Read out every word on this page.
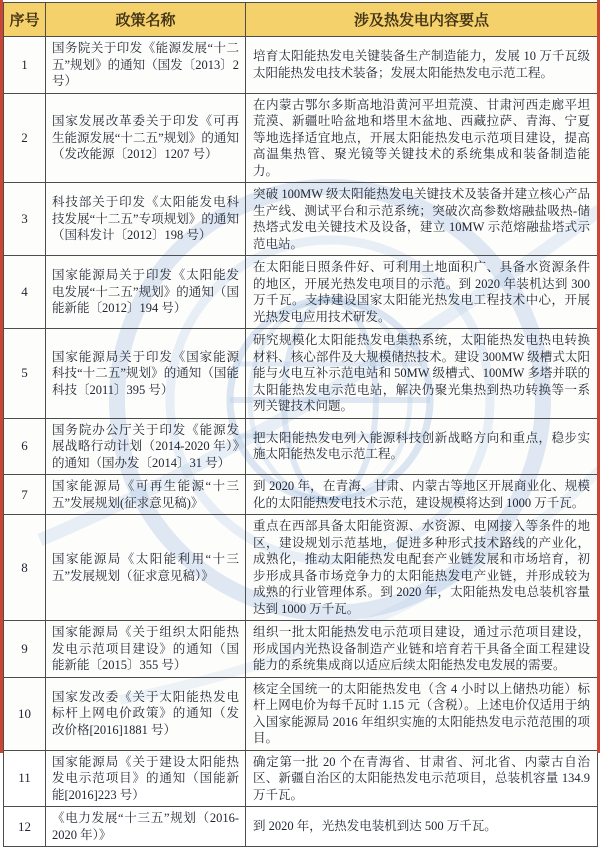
序号	政策名称	涉及热发电内容要点
1	国务院关于印发《能源发展“十二五”规划》的通知（国发〔2013〕2 号）	培育太阳能热发电关键装备生产制造能力，发展 10 万千瓦级太阳能热发电技术装备；发展太阳能热发电示范工程。
2	国家发展改革委关于印发《可再生能源发展“十二五”规划》的通知（发改能源〔2012〕1207 号）	在内蒙古鄂尔多斯高地沿黄河平坦荒漠、甘肃河西走廊平坦荒漠、新疆吐哈盆地和塔里木盆地、西藏拉萨、青海、宁夏等地选择适宜地点，开展太阳能热发电示范项目建设，提高高温集热管、聚光镜等关键技术的系统集成和装备制造能力。
3	科技部关于印发《太阳能发电科技发展“十二五”专项规划》的通知（国科发计〔2012〕198 号）	突破 100MW 级太阳能热发电关键技术及装备并建立核心产品生产线、测试平台和示范系统；突破次高参数熔融盐吸热-储热塔式发电关键技术及设备，建立 10MW 示范熔融盐塔式示范电站。
4	国家能源局关于印发《太阳能发电发展“十二五”规划》的通知（国能新能〔2012〕194 号）	在太阳能日照条件好、可利用土地面积广、具备水资源条件的地区，开展光热发电项目的示范。到 2020 年装机达到 300 万千瓦。支持建设国家太阳能光热发电工程技术中心，开展光热发电应用技术研发。
5	国家能源局关于印发《国家能源科技“十二五”规划》的通知（国能科技〔2011〕395 号）	研究规模化太阳能热发电集热系统，太阳能热发电热电转换材料、核心部件及大规模储热技术。建设 300MW 级槽式太阳能与火电互补示范电站和 50MW 级槽式、100MW 多塔并联的太阳能热发电示范电站，解决仍聚光集热到热功转换等一系列关键技术问题。
6	国务院办公厅关于印发《能源发展战略行动计划（2014-2020 年）》的通知（国办发〔2014〕31 号）	把太阳能热发电列入能源科技创新战略方向和重点，稳步实施太阳能热发电示范工程。
7	国家能源局《可再生能源“十三五”发展规划(征求意见稿)》	到 2020 年，在青海、甘肃、内蒙古等地区开展商业化、规模化的太阳能热发电技术示范，建设规模将达到 1000 万千瓦。
8	国家能源局《太阳能利用“十三五”发展规划（征求意见稿）》	重点在西部具备太阳能资源、水资源、电网接入等条件的地区，建设规划示范基地，促进多种形式技术路线的产业化，成熟化，推动太阳能热发电配套产业链发展和市场培育，初步形成具备市场竞争力的太阳能热发电产业链，并形成较为成熟的行业管理体系。到 2020 年，太阳能热发电总装机容量达到 1000 万千瓦。
9	国家能源局《关于组织太阳能热发电示范项目建设》的通知（国能新能〔2015〕355 号）	组织一批太阳能热发电示范项目建设，通过示范项目建设，形成国内光热设备制造产业链和培育若干具备全面工程建设能力的系统集成商以适应后续太阳能热发电发展的需要。
10	国家发改委《关于太阳能热发电标杆上网电价政策》的通知（发改价格[2016]1881 号）	核定全国统一的太阳能热发电（含 4 小时以上储热功能）标杆上网电价为每千瓦时 1.15 元（含税）。上述电价仅适用于纳入国家能源局 2016 年组织实施的太阳能热发电示范范围的项目。
11	国家能源局《关于建设太阳能热发电示范项目》的通知（国能新能[2016]223 号）	确定第一批 20 个在青海省、甘肃省、河北省、内蒙古自治区、新疆自治区的太阳能热发电示范项目，总装机容量 134.9 万千瓦。
12	《电力发展“十三五”规划（2016-2020 年）》	到 2020 年，光热发电装机到达 500 万千瓦。
